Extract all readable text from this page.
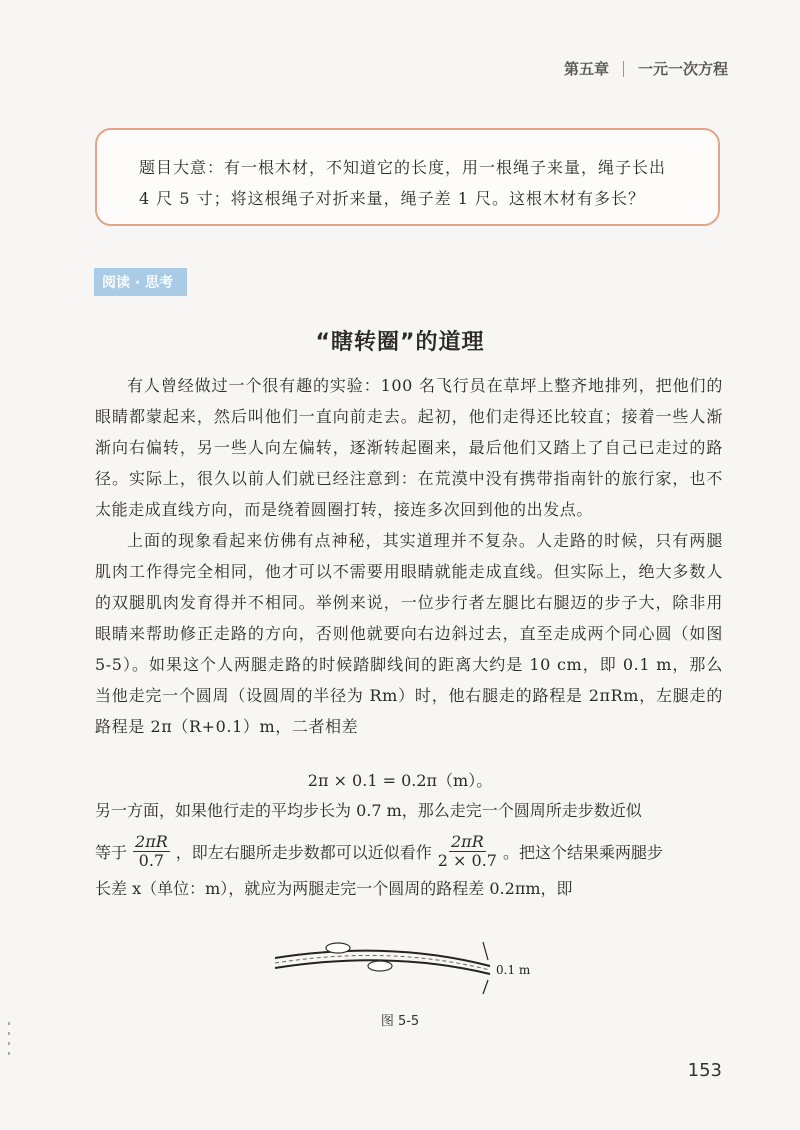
第五章 一元一次方程

题目大意：有一根木材，不知道它的长度，用一根绳子来量，绳子长出

4 尺 5 寸；将这根绳子对折来量，绳子差 1 尺。这根木材有多长？

阅读 · 思考
“瞎转圈”的道理

有人曾经做过一个很有趣的实验：100 名飞行员在草坪上整齐地排列，把他们的眼睛都蒙起来，然后叫他们一直向前走去。起初，他们走得还比较直；接着一些人渐渐向右偏转，另一些人向左偏转，逐渐转起圈来，最后他们又踏上了自己已走过的路径。实际上，很久以前人们就已经注意到：在荒漠中没有携带指南针的旅行家，也不太能走成直线方向，而是绕着圆圈打转，接连多次回到他的出发点。

上面的现象看起来仿佛有点神秘，其实道理并不复杂。人走路的时候，只有两腿肌肉工作得完全相同，他才可以不需要用眼睛就能走成直线。但实际上，绝大多数人的双腿肌肉发育得并不相同。举例来说，一位步行者左腿比右腿迈的步子大，除非用眼睛来帮助修正走路的方向，否则他就要向右边斜过去，直至走成两个同心圆（如图 5-5）。如果这个人两腿走路的时候踏脚线间的距离大约是 10 cm，即 0.1 m，那么当他走完一个圆周（设圆周的半径为 Rm）时，他右腿走的路程是 2πRm，左腿走的路程是 2π（R+0.1）m，二者相差

2π × 0.1 = 0.2π（m）。

另一方面，如果他行走的平均步长为 0.7 m，那么走完一个圆周所走步数近似

等于 $\frac{2\pi R}{0.7}$ ，即左右腿所走步数都可以近似看作 $\frac{2\pi R}{2 \times 0.7}$ 。把这个结果乘两腿步

长差 x（单位：m），就应为两腿走完一个圆周的路程差 0.2πm，即

0.1 m
图 5-5
153
